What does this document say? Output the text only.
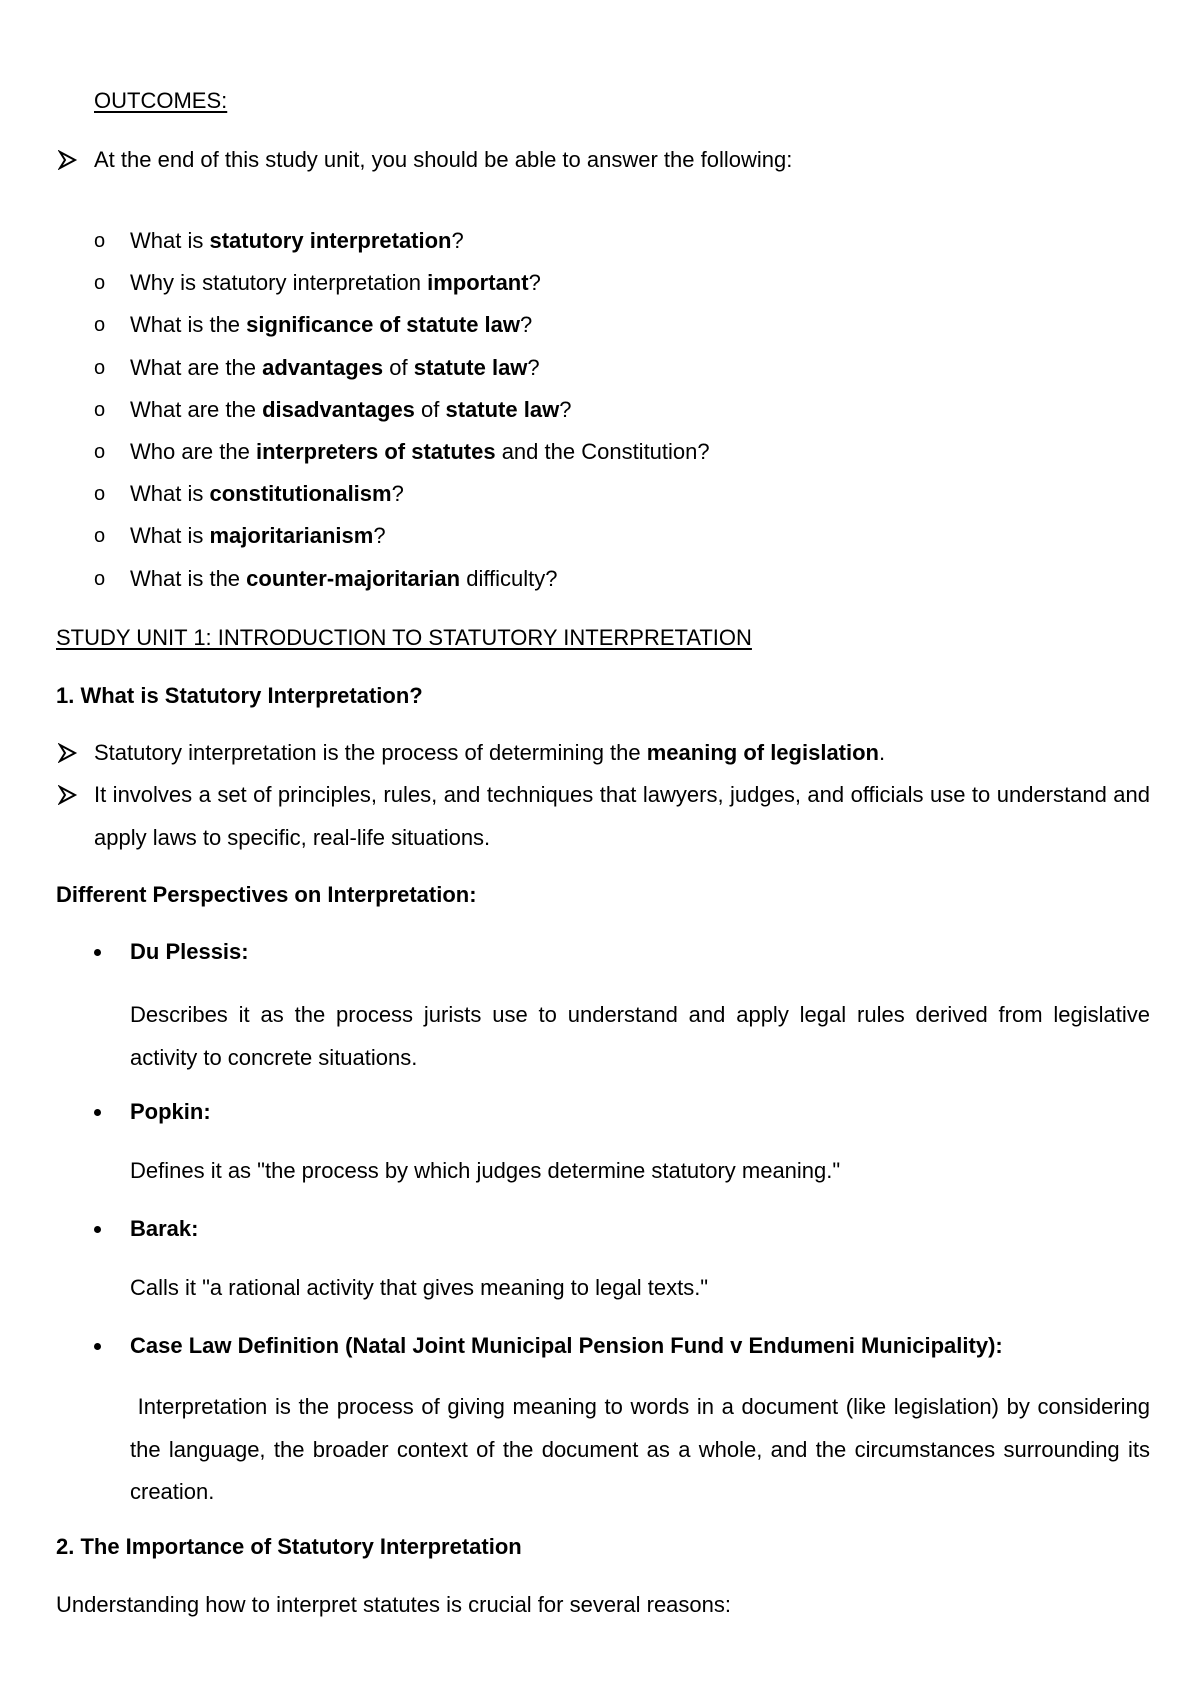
OUTCOMES:
At the end of this study unit, you should be able to answer the following:
o What is statutory interpretation?
o Why is statutory interpretation important?
o What is the significance of statute law?
o What are the advantages of statute law?
o What are the disadvantages of statute law?
o Who are the interpreters of statutes and the Constitution?
o What is constitutionalism?
o What is majoritarianism?
o What is the counter-majoritarian difficulty?
STUDY UNIT 1: INTRODUCTION TO STATUTORY INTERPRETATION
1. What is Statutory Interpretation?
Statutory interpretation is the process of determining the meaning of legislation.
It involves a set of principles, rules, and techniques that lawyers, judges, and officials use to understand and apply laws to specific, real-life situations.
Different Perspectives on Interpretation:
Du Plessis:
Describes it as the process jurists use to understand and apply legal rules derived from legislative activity to concrete situations.
Popkin:
Defines it as "the process by which judges determine statutory meaning."
Barak:
Calls it "a rational activity that gives meaning to legal texts."
Case Law Definition (Natal Joint Municipal Pension Fund v Endumeni Municipality):
Interpretation is the process of giving meaning to words in a document (like legislation) by considering the language, the broader context of the document as a whole, and the circumstances surrounding its creation.
2. The Importance of Statutory Interpretation
Understanding how to interpret statutes is crucial for several reasons:
